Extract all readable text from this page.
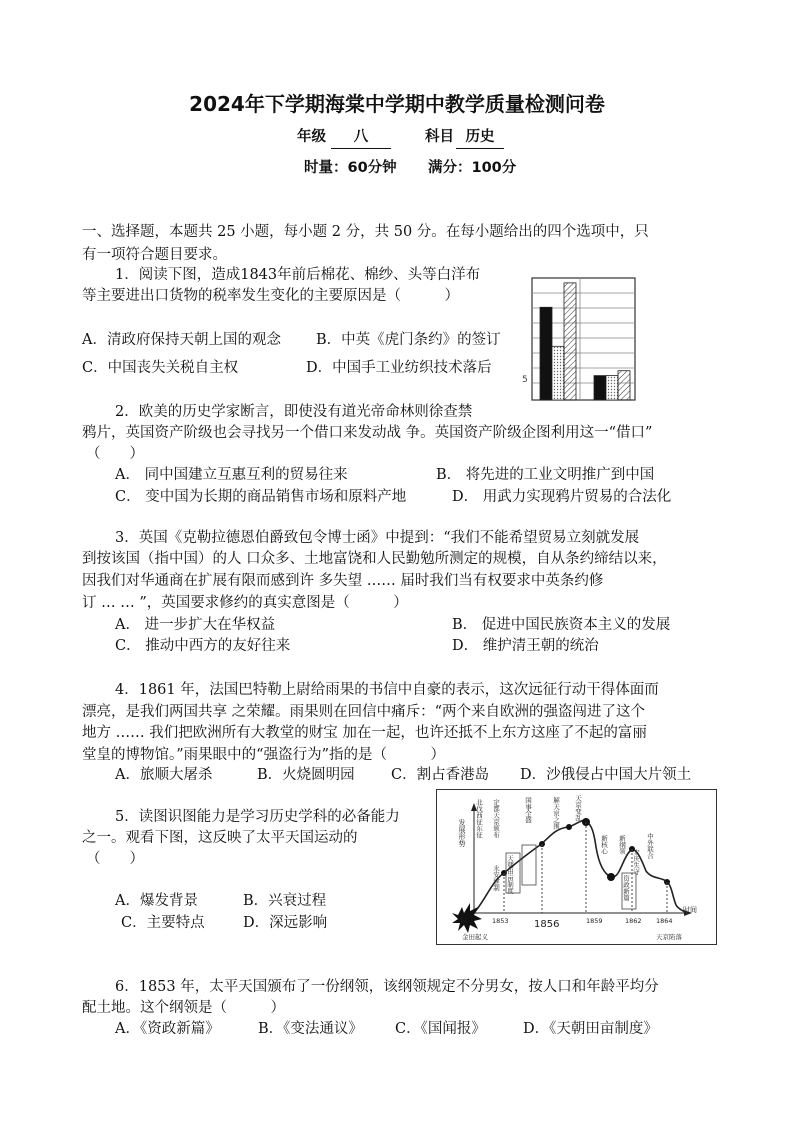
2024年下学期海棠中学期中教学质量检测问卷
年级	八	科目 历史
时量：60分钟 满分：100分
一、选择题，本题共 25 小题，每小题 2 分，共 50 分。在每小题给出的四个选项中，只
有一项符合题目要求。
1．阅读下图，造成1843年前后棉花、棉纱、头等白洋布
等主要进出口货物的税率发生变化的主要原因是（　　　）
A．清政府保持天朝上国的观念 B．中英《虎门条约》的签订
C．中国丧失关税自主权	D．中国手工业纺织技术落后
5
2．欧美的历史学家断言，即使没有道光帝命林则徐查禁
鸦片，英国资产阶级也会寻找另一个借口来发动战 争。英国资产阶级企图利用这一“借口”
（　　）
A． 同中国建立互惠互利的贸易往来	B． 将先进的工业文明推广到中国
C． 变中国为长期的商品销售市场和原料产地	D． 用武力实现鸦片贸易的合法化
3．英国《克勒拉德恩伯爵致包令博士函》中提到：“我们不能希望贸易立刻就发展
到按该国（指中国）的人 口众多、土地富饶和人民勤勉所测定的规模，自从条约缔结以来，
因我们对华通商在扩展有限而感到许 多失望 …… 届时我们当有权要求中英条约修
订 … … ”，英国要求修约的真实意图是（　　　）
A． 进一步扩大在华权益	B． 促进中国民族资本主义的发展
C． 推动中西方的友好往来	D． 维护清王朝的统治
4．1861 年，法国巴特勒上尉给雨果的书信中自豪的表示，这次远征行动干得体面而
漂亮，是我们两国共享 之荣耀。雨果则在回信中痛斥：“两个来自欧洲的强盗闯进了这个
地方 …… 我们把欧洲所有大教堂的财宝 加在一起，也许还抵不上东方这座了不起的富丽
堂皇的博物馆。”雨果眼中的“强盗行为”指的是（　　　）
A．旅顺大屠杀	B．火烧圆明园	C．割占香港岛 D．沙俄侵占中国大片领土
5．读图识图能力是学习历史学科的必备能力
之一。观看下图，这反映了太平天国运动的
（　　）
A．爆发背景	B．兴衰过程
C．主要特点	D．深远影响
永安建制
北伐西征东征 定都天京颁布
天朝田亩制度
国事全盛	解天京之围 天京变乱
新核心 新纲领
资政新篇
安庆失守
中外联合
发展形势
时间
51	1853	1856	1859	1862 1864
金田起义	天京陷落
6．1853 年，太平天国颁布了一份纲领，该纲领规定不分男女，按人口和年龄平均分
配土地。这个纲领是（　　　）
A．《资政新篇》	B．《变法通议》 C．《国闻报》	D．《天朝田亩制度》
